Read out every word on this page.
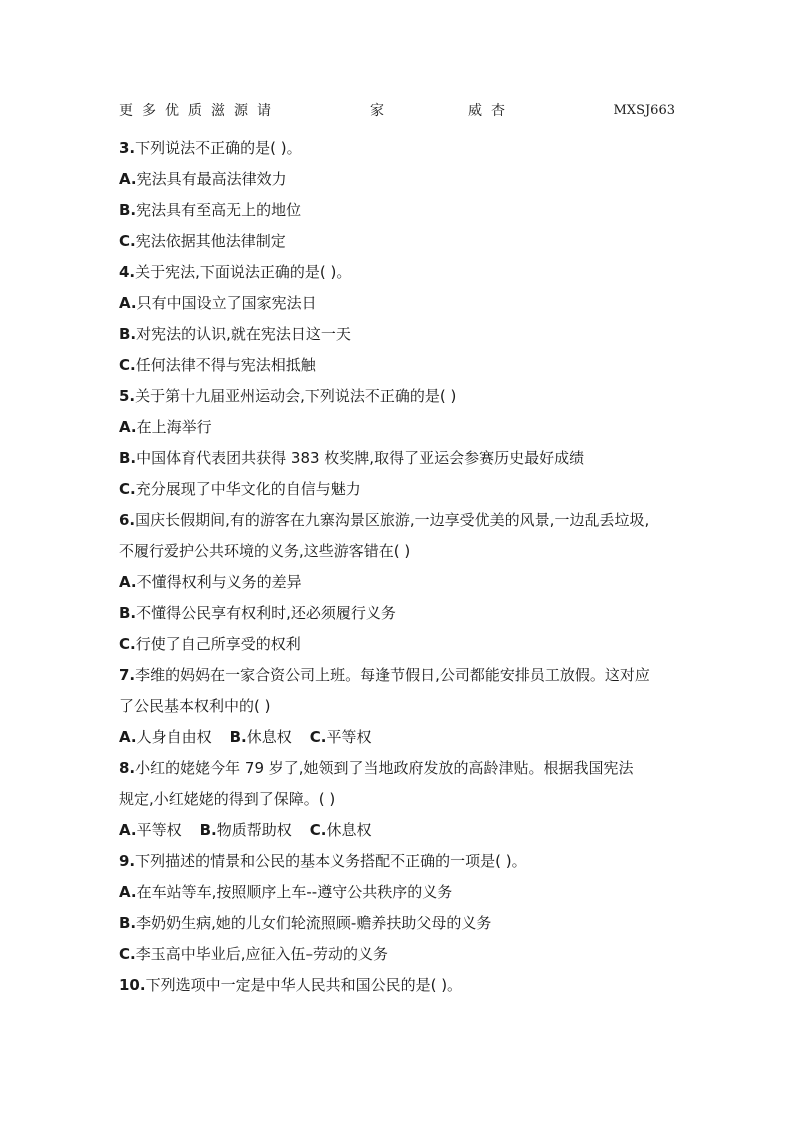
更多优质滋源请	家	威杏	MXSJ663
3.下列说法不正确的是( )。
A.宪法具有最高法律效力
B.宪法具有至高无上的地位
C.宪法依据其他法律制定
4.关于宪法,下面说法正确的是( )。
A.只有中国设立了国家宪法日
B.对宪法的认识,就在宪法日这一天
C.任何法律不得与宪法相抵触
5.关于第十九届亚州运动会,下列说法不正确的是( )
A.在上海举行
B.中国体育代表团共获得 383 枚奖牌,取得了亚运会参赛历史最好成绩
C.充分展现了中华文化的自信与魅力
6.国庆长假期间,有的游客在九寨沟景区旅游,一边享受优美的风景,一边乱丢垃圾,
不履行爱护公共环境的义务,这些游客错在( )
A.不懂得权利与义务的差异
B.不懂得公民享有权利时,还必须履行义务
C.行使了自己所享受的权利
7.李维的妈妈在一家合资公司上班。每逢节假日,公司都能安排员工放假。这对应
了公民基本权利中的( )
A.人身自由权 B.休息权 C.平等权
8.小红的姥姥今年 79 岁了,她领到了当地政府发放的高龄津贴。根据我国宪法
规定,小红姥姥的得到了保障。( )
A.平等权 B.物质帮助权 C.休息权
9.下列描述的情景和公民的基本义务搭配不正确的一项是( )。
A.在车站等车,按照顺序上车--遵守公共秩序的义务
B.李奶奶生病,她的儿女们轮流照顾-赡养扶助父母的义务
C.李玉高中毕业后,应征入伍–劳动的义务
10.下列选项中一定是中华人民共和国公民的是( )。
